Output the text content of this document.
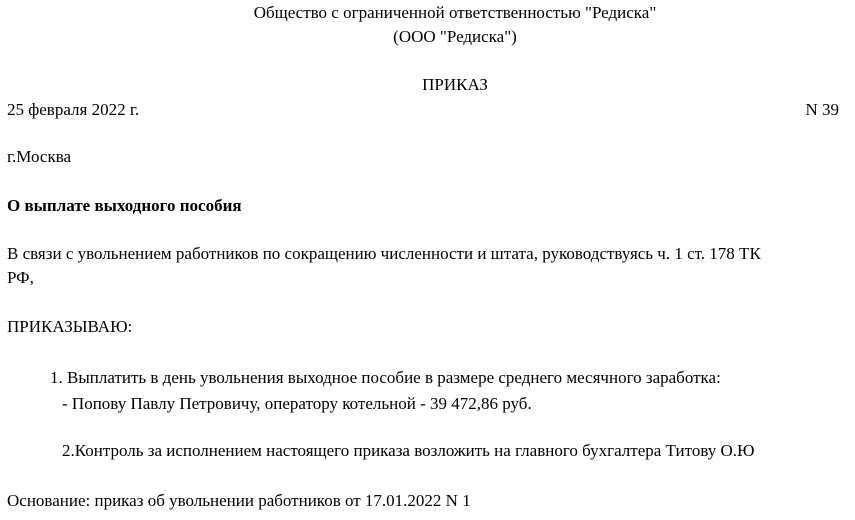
Общество с ограниченной ответственностью "Редиска"

(ООО "Редиска")

ПРИКАЗ

25 февраля 2022 г.	N 39

г.Москва

О выплате выходного пособия

В связи с увольнением работников по сокращению численности и штата, руководствуясь ч. 1 ст. 178 ТК

РФ,

ПРИКАЗЫВАЮ:

1. Выплатить в день увольнения выходное пособие в размере среднего месячного заработка:

- Попову Павлу Петровичу, оператору котельной - 39 472,86 руб.

2.Контроль за исполнением настоящего приказа возложить на главного бухгалтера Титову О.Ю

Основание: приказ об увольнении работников от 17.01.2022 N 1
